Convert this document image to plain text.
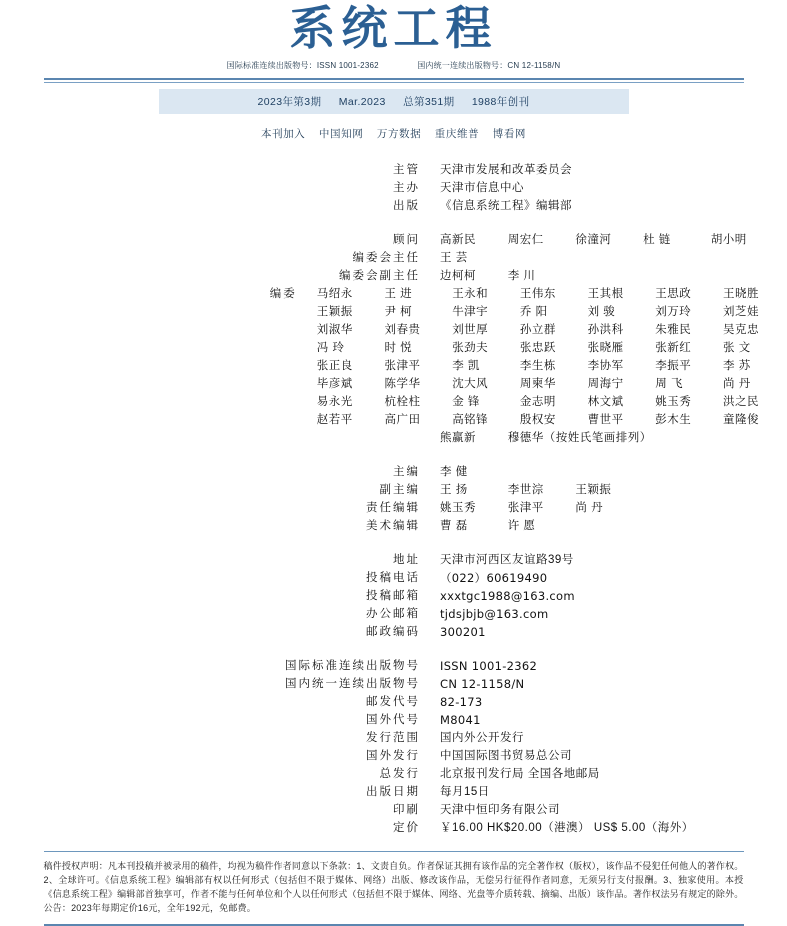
系统工程
国际标准连续出版物号：ISSN 1001-2362	国内统一连续出版物号：CN 12-1158/N
2023年第3期 Mar.2023 总第351期 1988年创刊
本刊加入 中国知网 万方数据 重庆维普 博看网
主管	天津市发展和改革委员会
主办	天津市信息中心
出版	《信息系统工程》编辑部
顾问	高新民	周宏仁	徐潼河	杜 链	胡小明
编委会主任	王 芸
编委会副主任	边柯柯	李 川
编委	马绍永	王 进	王永和	王伟东	王其根	王思政	王晓胜
王颖振	尹 柯	牛津宇	乔 阳	刘 骏	刘万玲	刘芝娃
刘淑华	刘春贵	刘世厚	孙立群	孙洪科	朱雅民	吴克忠
冯 玲	时 悦	张劲夫	张忠跃	张晓雁	张新红	张 文
张正良	张津平	李 凯	李生栋	李协军	李振平	李 苏
毕彦斌	陈学华	沈大风	周柬华	周海宁	周 飞	尚 丹
易永光	杭栓柱	金 锋	金志明	林文斌	姚玉秀	洪之民
赵若平	高广田	高铭锋	殷权安	曹世平	彭木生	童隆俊
熊赢新	穆德华（按姓氏笔画排列）
主编	李 健
副主编	王 扬	李世淙	王颖振
责任编辑	姚玉秀	张津平	尚 丹
美术编辑	曹 磊	许 愿
地址	天津市河西区友谊路39号
投稿电话	（022）60619490
投稿邮箱	xxxtgc1988@163.com
办公邮箱	tjdsjbjb@163.com
邮政编码	300201
国际标准连续出版物号	ISSN 1001-2362
国内统一连续出版物号	CN 12-1158/N
邮发代号	82-173
国外代号	M8041
发行范围	国内外公开发行
国外发行	中国国际图书贸易总公司
总发行	北京报刊发行局 全国各地邮局
出版日期	每月15日
印刷	天津中恒印务有限公司
定价	￥16.00 HK$20.00（港澳） US$ 5.00（海外）
稿件授权声明：凡本刊投稿并被录用的稿件，均视为稿件作者同意以下条款：1、文责自负。作者保证其拥有该作品的完全著作权（版权），该作品不侵犯任何他人的著作权。2、全球许可。《信息系统工程》编辑部有权以任何形式（包括但不限于媒体、网络）出版、修改该作品，无偿另行征得作者同意，无须另行支付报酬。3、独家使用。本授《信息系统工程》编辑部首独享可，作者不能与任何单位和个人以任何形式（包括但不限于媒体、网络、光盘等介质转载、摘编、出版）该作品。著作权法另有规定的除外。公告：2023年每期定价16元，全年192元，免邮费。
